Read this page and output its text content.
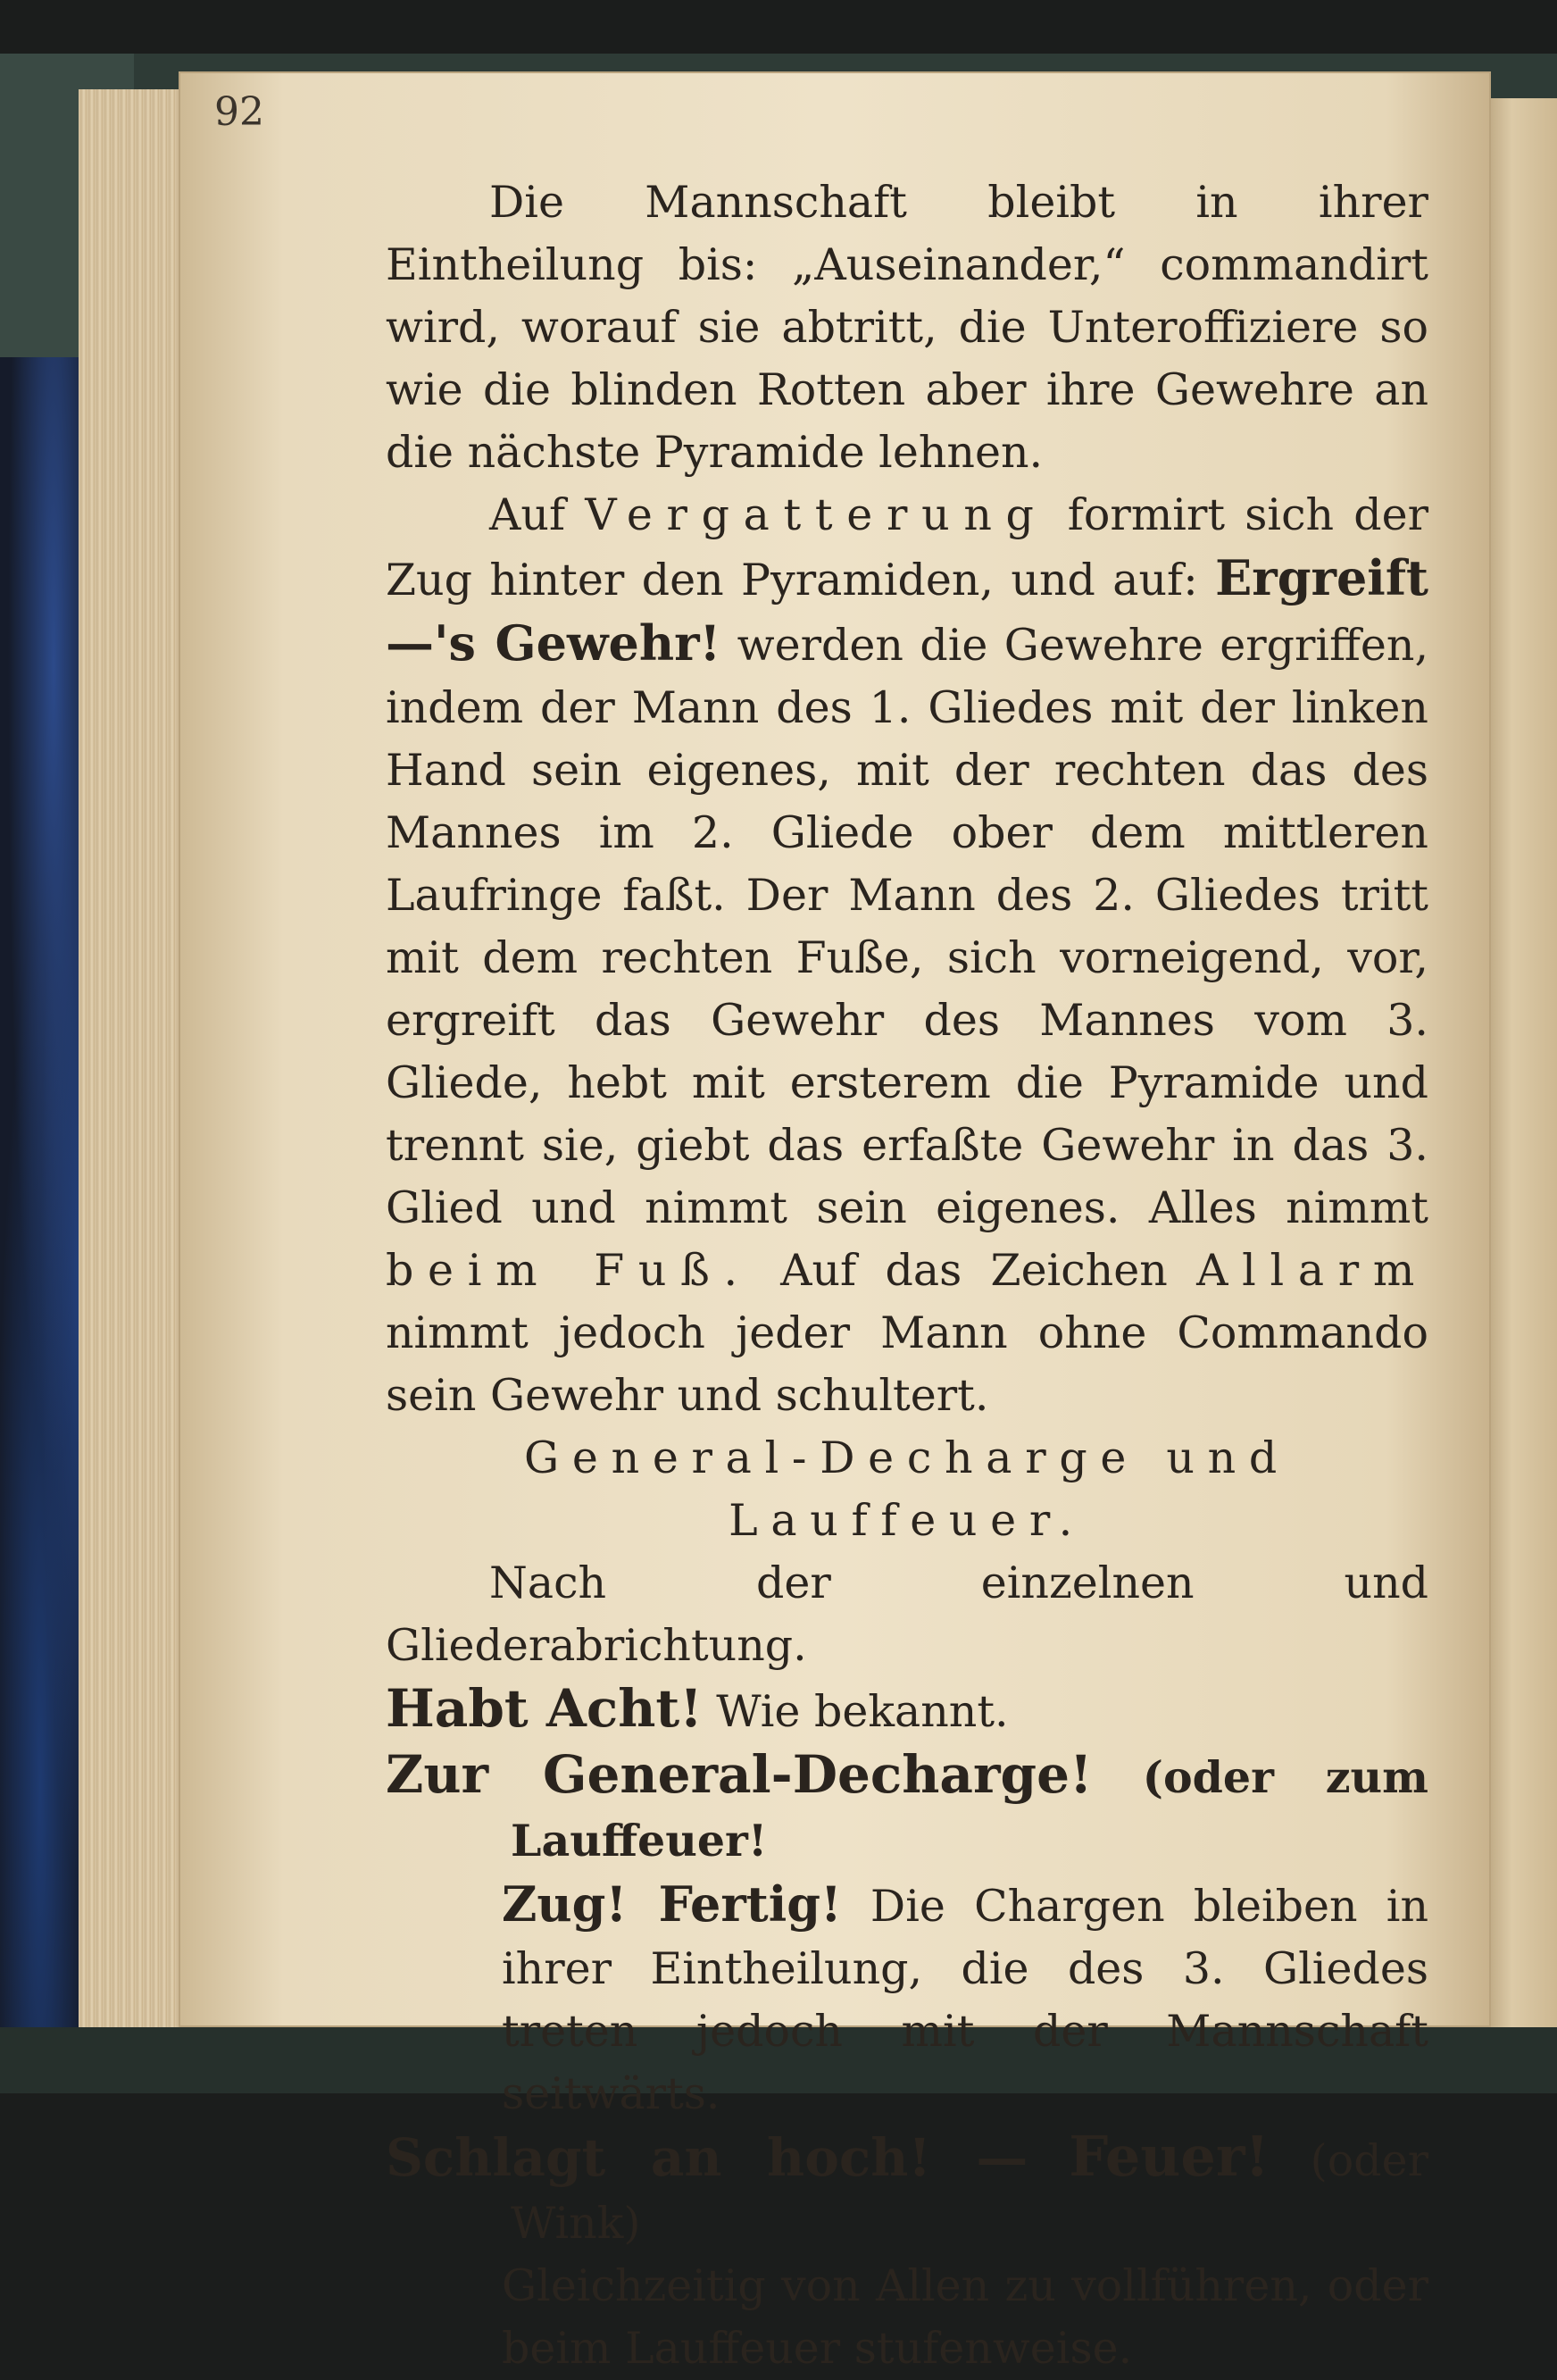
92

Die Mannschaft bleibt in ihrer Eintheilung bis: „Auseinander,“ commandirt wird, worauf sie abtritt, die Unteroffiziere so wie die blinden Rotten aber ihre Gewehre an die nächste Pyramide lehnen.

Auf Vergatterung formirt sich der Zug hinter den Pyramiden, und auf: Ergreift—'s Gewehr! werden die Gewehre ergriffen, indem der Mann des 1. Gliedes mit der linken Hand sein eigenes, mit der rechten das des Mannes im 2. Gliede ober dem mittleren Laufringe faßt. Der Mann des 2. Gliedes tritt mit dem rechten Fuße, sich vorneigend, vor, ergreift das Gewehr des Mannes vom 3. Gliede, hebt mit ersterem die Pyramide und trennt sie, giebt das erfaßte Gewehr in das 3. Glied und nimmt sein eigenes. Alles nimmt beim Fuß. Auf das Zeichen Allarm nimmt jedoch jeder Mann ohne Commando sein Gewehr und schultert.

General-Decharge und Lauffeuer.

Nach der einzelnen und Gliederabrichtung.

Habt Acht! Wie bekannt.
Zur General-Decharge! (oder zum Lauffeuer!
Zug! Fertig! Die Chargen bleiben in ihrer Eintheilung, die des 3. Gliedes treten jedoch mit der Mannschaft seitwärts.
Schlagt an hoch! — Feuer! (oder Wink)
Gleichzeitig von Allen zu vollführen, oder beim Lauffeuer stufenweise.
